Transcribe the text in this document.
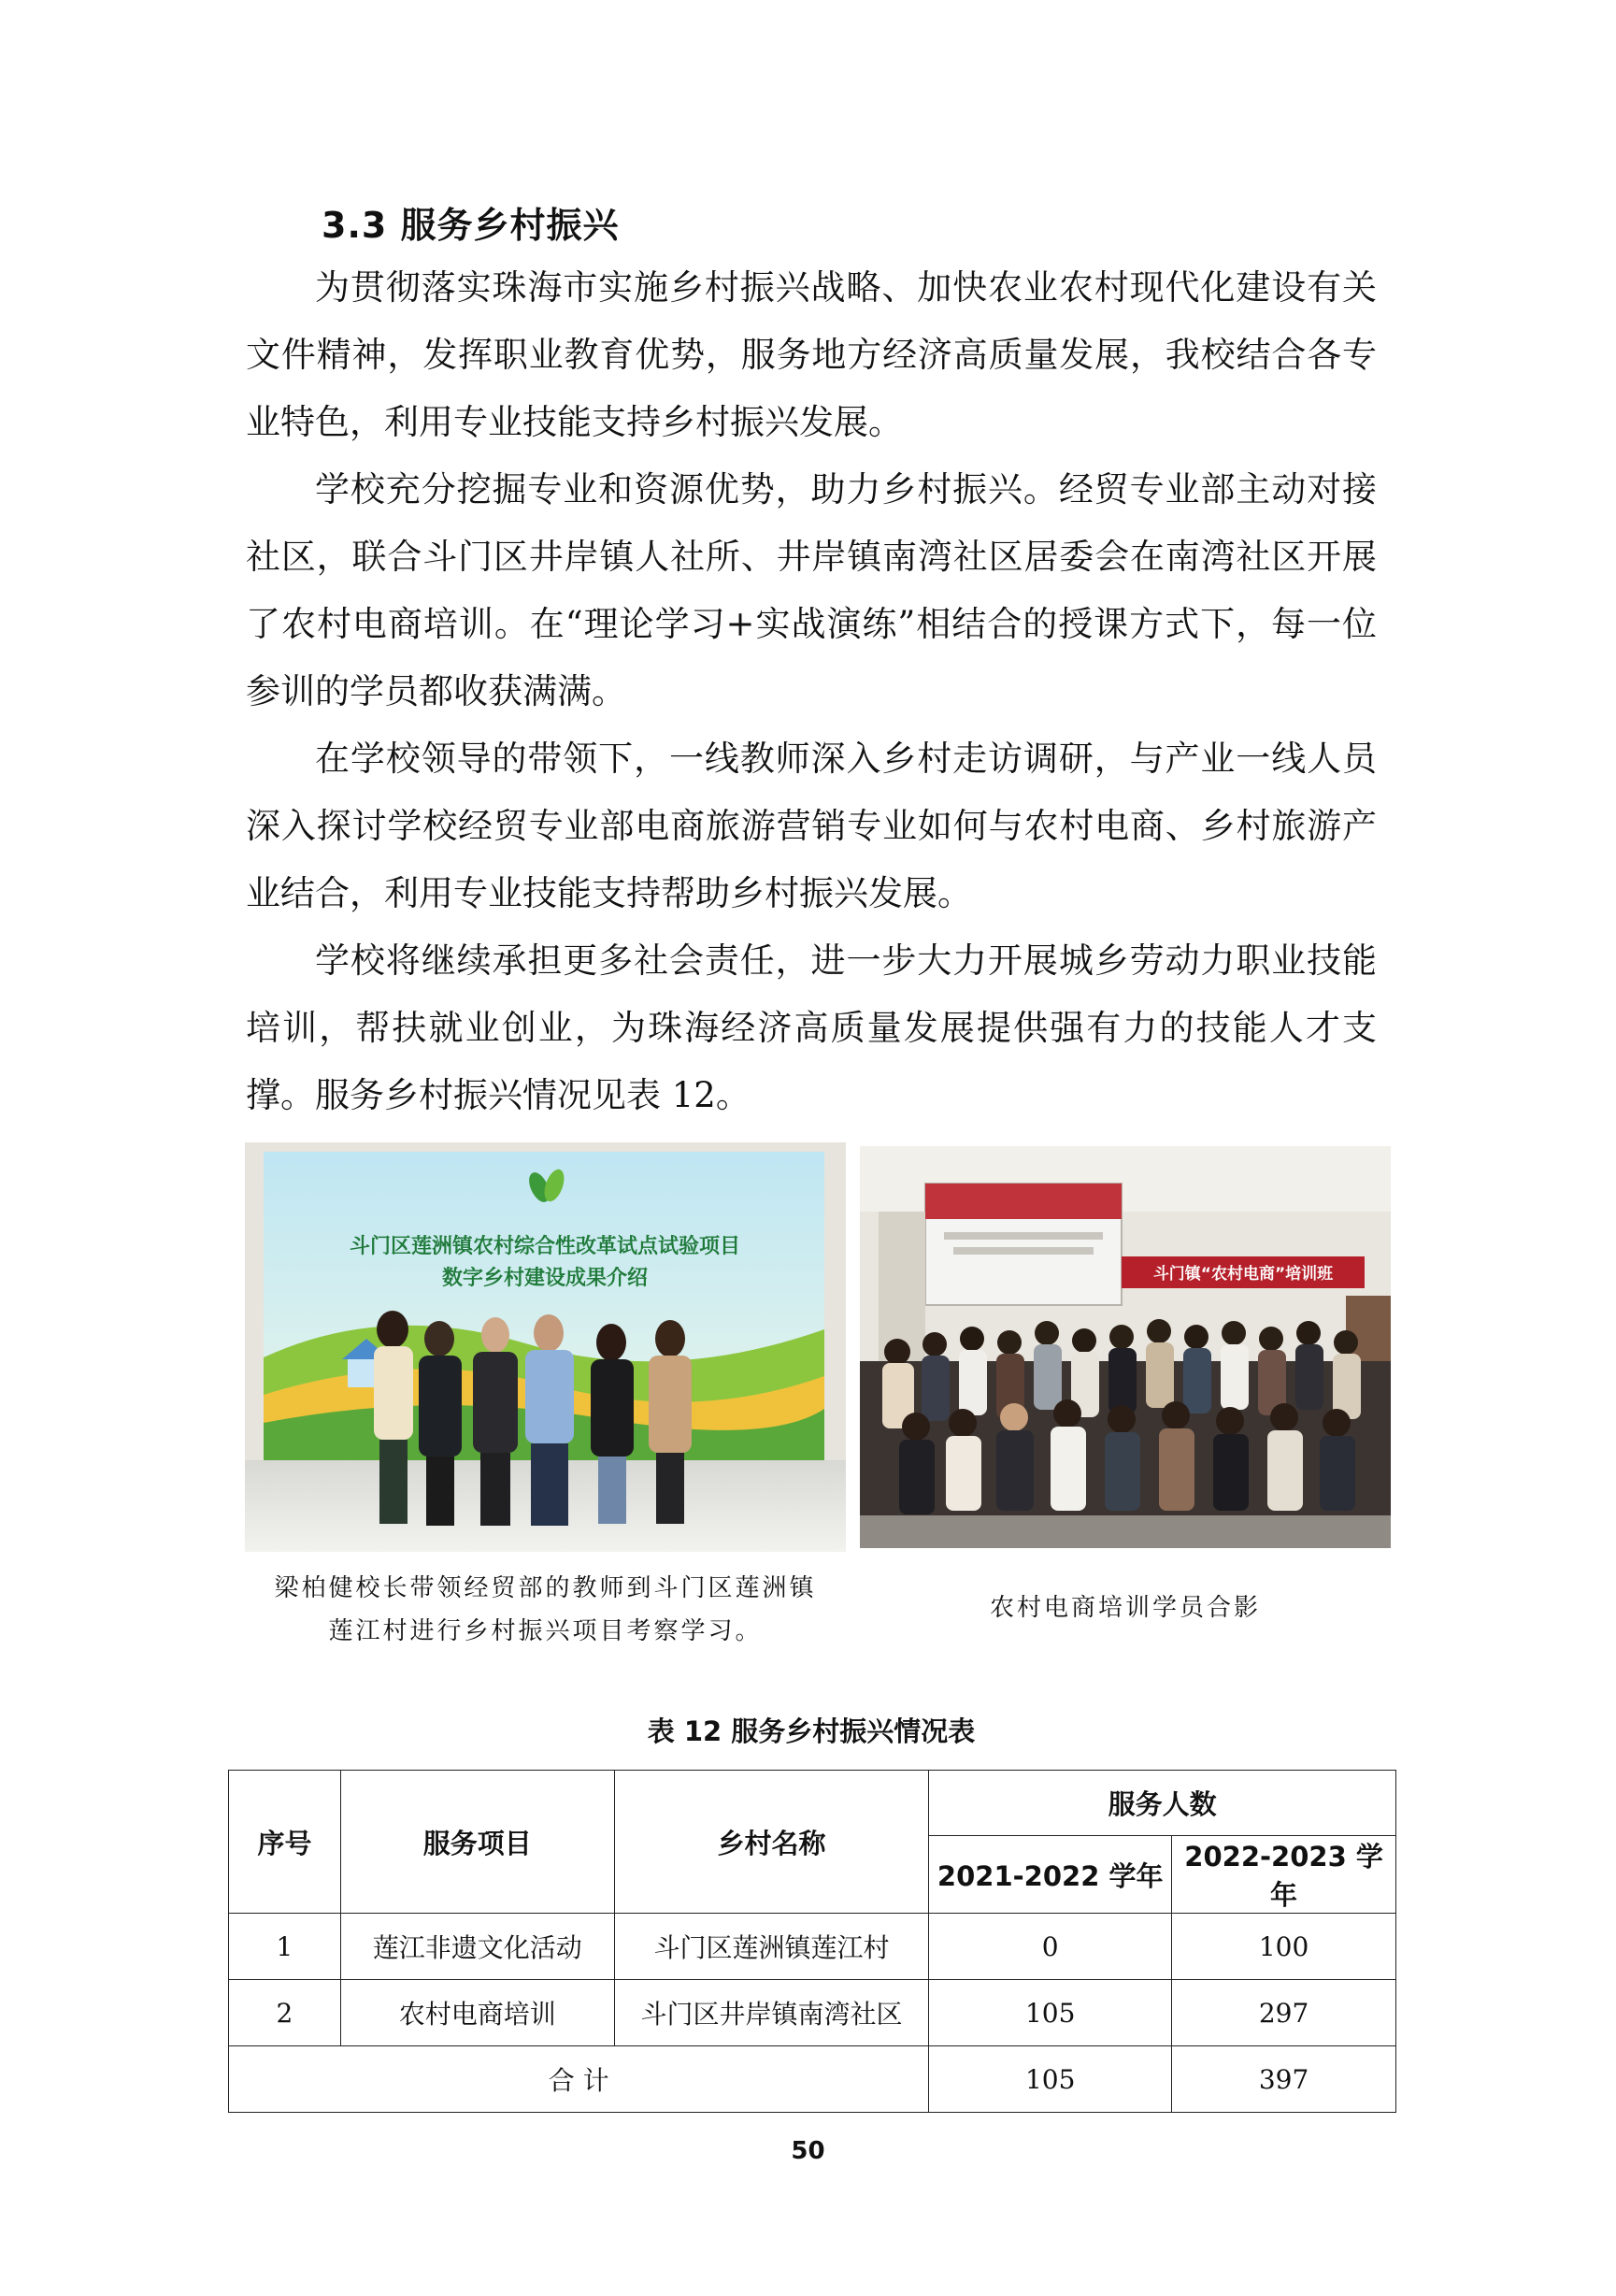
3.3 服务乡村振兴

为贯彻落实珠海市实施乡村振兴战略、加快农业农村现代化建设有关文件精神，发挥职业教育优势，服务地方经济高质量发展，我校结合各专业特色，利用专业技能支持乡村振兴发展。

学校充分挖掘专业和资源优势，助力乡村振兴。经贸专业部主动对接社区，联合斗门区井岸镇人社所、井岸镇南湾社区居委会在南湾社区开展了农村电商培训。在“理论学习+实战演练”相结合的授课方式下，每一位参训的学员都收获满满。

在学校领导的带领下，一线教师深入乡村走访调研，与产业一线人员深入探讨学校经贸专业部电商旅游营销专业如何与农村电商、乡村旅游产业结合，利用专业技能支持帮助乡村振兴发展。

学校将继续承担更多社会责任，进一步大力开展城乡劳动力职业技能培训，帮扶就业创业，为珠海经济高质量发展提供强有力的技能人才支撑。服务乡村振兴情况见表 12。

斗门区莲洲镇农村综合性改革试点试验项目
数字乡村建设成果介绍	斗门镇“农村电商”培训班
梁柏健校长带领经贸部的教师到斗门区莲洲镇
莲江村进行乡村振兴项目考察学习。
农村电商培训学员合影
表 12 服务乡村振兴情况表
序号	服务项目	乡村名称	服务人数	
			2021-2022 学年	2022-2023 学年
1	莲江非遗文化活动	斗门区莲洲镇莲江村	0	100
2	农村电商培训	斗门区井岸镇南湾社区	105	297
合 计			105	397
50
